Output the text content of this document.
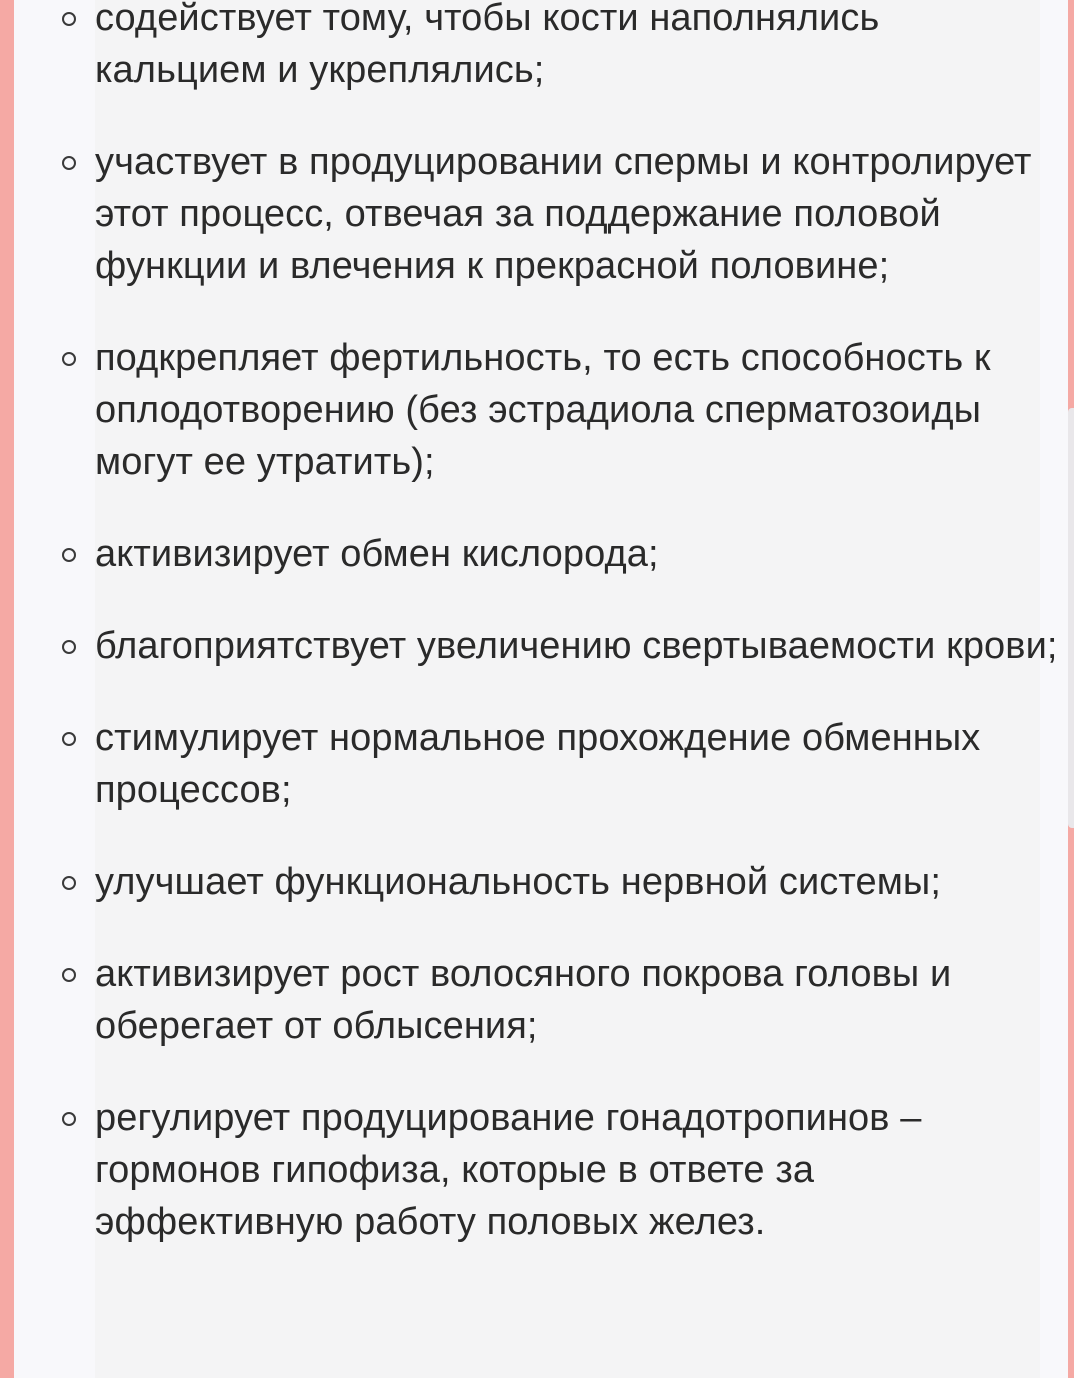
содействует тому, чтобы кости наполнялись кальцием и укреплялись;
участвует в продуцировании спермы и контролирует этот процесс, отвечая за поддержание половой функции и влечения к прекрасной половине;
подкрепляет фертильность, то есть способность к оплодотворению (без эстрадиола сперматозоиды могут ее утратить);
активизирует обмен кислорода;
благоприятствует увеличению свертываемости крови;
стимулирует нормальное прохождение обменных процессов;
улучшает функциональность нервной системы;
активизирует рост волосяного покрова головы и оберегает от облысения;
регулирует продуцирование гонадотропинов – гормонов гипофиза, которые в ответе за эффективную работу половых желез.
